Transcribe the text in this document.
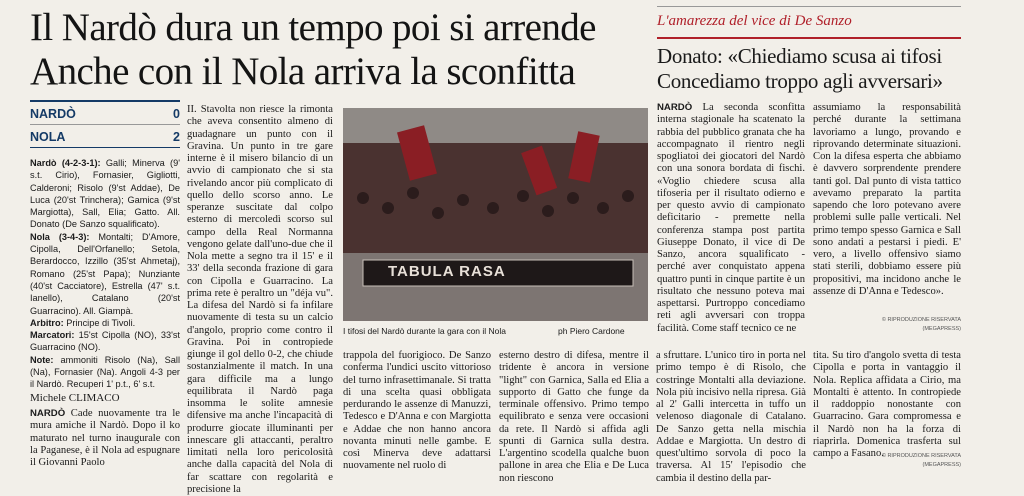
Il Nardò dura un tempo poi si arrende
Anche con il Nola arriva la sconfitta
NARDÒ	0
NOLA	2
Nardò (4-2-3-1): Galli; Minerva (9' s.t. Cirio), Fornasier, Gigliotti, Calderoni; Risolo (9'st Addae), De Luca (20'st Trinchera); Gamica (9'st Margiotta), Sall, Elia; Gatto. All. Donato (De Sanzo squalificato).
Nola (3-4-3): Montalti; D'Amore, Cipolla, Dell'Orfanello; Setola, Berardocco, Izzillo (35'st Ahmetaj), Romano (25'st Papa); Nunziante (40'st Cacciatore), Estrella (47' s.t. Ianello), Catalano (20'st Guarracino). All. Giampà.
Arbitro: Principe di Tivoli.
Marcatori: 15'st Cipolla (NO), 33'st Guarracino (NO).
Note: ammoniti Risolo (Na), Sall (Na), Fornasier (Na). Angoli 4-3 per il Nardò. Recuperi 1' p.t., 6' s.t.
Michele CLIMACO
NARDÒ Cade nuovamente tra le mura amiche il Nardò. Dopo il ko maturato nel turno inaugurale con la Paganese, è il Nola ad espugnare il Giovanni Paolo
II. Stavolta non riesce la rimonta che aveva consentito almeno di guadagnare un punto con il Gravina. Un punto in tre gare interne è il misero bilancio di un avvio di campionato che si sta rivelando ancor più complicato di quello dello scorso anno. Le speranze suscitate dal colpo esterno di mercoledì scorso sul campo della Real Normanna vengono gelate dall'uno-due che il Nola mette a segno tra il 15' e il 33' della seconda frazione di gara con Cipolla e Guarracino. La prima rete è peraltro un "déja vu". La difesa del Nardò si fa infilare nuovamente di testa su un calcio d'angolo, proprio come contro il Gravina. Poi in contropiede giunge il gol dello 0-2, che chiude sostanzialmente il match. In una gara difficile ma a lungo equilibrata il Nardò paga insomma le solite amnesie difensive ma anche l'incapacità di produrre giocate illuminanti per innescare gli attaccanti, peraltro limitati nella loro pericolosità anche dalla capacità del Nola di far scattare con regolarità e precisione la
TABULA RASA
I tifosi del Nardò durante la gara con il Nola	ph Piero Cardone
trappola del fuorigioco. De Sanzo conferma l'undici uscito vittorioso del turno infrasettimanale. Si tratta di una scelta quasi obbligata perdurando le assenze di Manuzzi, Tedesco e D'Anna e con Margiotta e Addae che non hanno ancora novanta minuti nelle gambe. E così Minerva deve adattarsi nuovamente nel ruolo di
esterno destro di difesa, mentre il tridente è ancora in versione "light" con Garnica, Salla ed Elia a supporto di Gatto che funge da terminale offensivo. Primo tempo equilibrato e senza vere occasioni da rete. Il Nardò si affida agli spunti di Garnica sulla destra. L'argentino scodella qualche buon pallone in area che Elia e De Luca non riescono
a sfruttare. L'unico tiro in porta nel primo tempo è di Risolo, che costringe Montalti alla deviazione. Nola più incisivo nella ripresa. Già al 2' Galli intercetta in tuffo un velenoso diagonale di Catalano. De Sanzo getta nella mischia Addae e Margiotta. Un destro di quest'ultimo sorvola di poco la traversa. Al 15' l'episodio che cambia il destino della par-
tita. Su tiro d'angolo svetta di testa Cipolla e porta in vantaggio il Nola. Replica affidata a Cirio, ma Montalti è attento. In contropiede il raddoppio nonostante con Guarracino. Gara compromessa e il Nardò non ha la forza di riaprirla. Domenica trasferta sul campo a Fasano.
© RIPRODUZIONE RISERVATA
(MEGAPRESS)
L'amarezza del vice di De Sanzo
Donato: «Chiediamo scusa ai tifosi
Concediamo troppo agli avversari»
NARDÒ La seconda sconfitta interna stagionale ha scatenato la rabbia del pubblico granata che ha accompagnato il rientro negli spogliatoi dei giocatori del Nardò con una sonora bordata di fischi. «Voglio chiedere scusa alla tifoseria per il risultato odierno e per questo avvio di campionato deficitario - premette nella conferenza stampa post partita Giuseppe Donato, il vice di De Sanzo, ancora squalificato - perché aver conquistato appena quattro punti in cinque partite è un risultato che nessuno poteva mai aspettarsi. Purtroppo concediamo reti agli avversari con troppa facilità. Come staff tecnico ce ne
assumiamo la responsabilità perché durante la settimana lavoriamo a lungo, provando e riprovando determinate situazioni. Con la difesa esperta che abbiamo è davvero sorprendente prendere tanti gol. Dal punto di vista tattico avevamo preparato la partita sapendo che loro potevano avere problemi sulle palle verticali. Nel primo tempo spesso Garnica e Sall sono andati a pestarsi i piedi. E' vero, a livello offensivo siamo stati sterili, dobbiamo essere più propositivi, ma incidono anche le assenze di D'Anna e Tedesco».
© RIPRODUZIONE RISERVATA
(MEGAPRESS)
